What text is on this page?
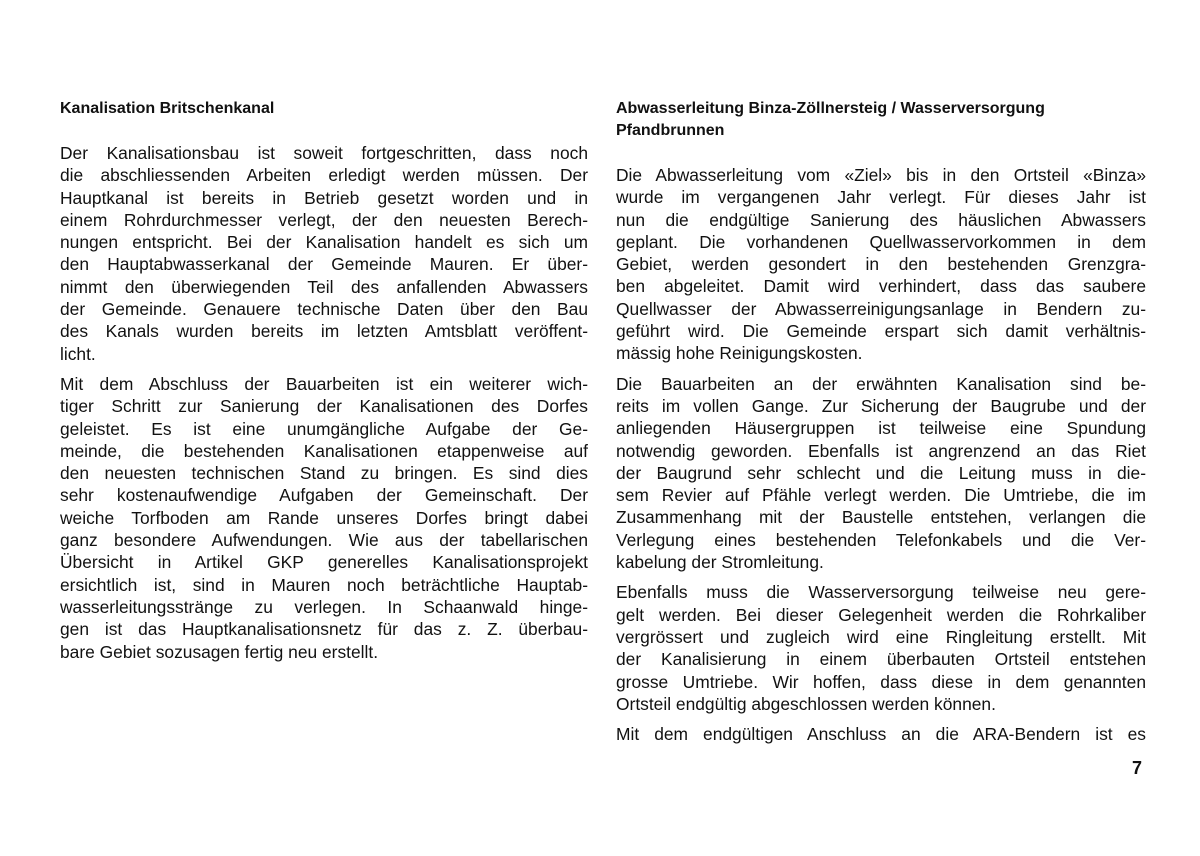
Kanalisation Britschenkanal
Der Kanalisationsbau ist soweit fortgeschritten, dass noch
die abschliessenden Arbeiten erledigt werden müssen. Der
Hauptkanal ist bereits in Betrieb gesetzt worden und in
einem Rohrdurchmesser verlegt, der den neuesten Berech-
nungen entspricht. Bei der Kanalisation handelt es sich um
den Hauptabwasserkanal der Gemeinde Mauren. Er über-
nimmt den überwiegenden Teil des anfallenden Abwassers
der Gemeinde. Genauere technische Daten über den Bau
des Kanals wurden bereits im letzten Amtsblatt veröffent-
licht.
Mit dem Abschluss der Bauarbeiten ist ein weiterer wich-
tiger Schritt zur Sanierung der Kanalisationen des Dorfes
geleistet. Es ist eine unumgängliche Aufgabe der Ge-
meinde, die bestehenden Kanalisationen etappenweise auf
den neuesten technischen Stand zu bringen. Es sind dies
sehr kostenaufwendige Aufgaben der Gemeinschaft. Der
weiche Torfboden am Rande unseres Dorfes bringt dabei
ganz besondere Aufwendungen. Wie aus der tabellarischen
Übersicht in Artikel GKP generelles Kanalisationsprojekt
ersichtlich ist, sind in Mauren noch beträchtliche Hauptab-
wasserleitungsstränge zu verlegen. In Schaanwald hinge-
gen ist das Hauptkanalisationsnetz für das z. Z. überbau-
bare Gebiet sozusagen fertig neu erstellt.
Abwasserleitung Binza-Zöllnersteig / Wasserversorgung
Pfandbrunnen
Die Abwasserleitung vom «Ziel» bis in den Ortsteil «Binza»
wurde im vergangenen Jahr verlegt. Für dieses Jahr ist
nun die endgültige Sanierung des häuslichen Abwassers
geplant. Die vorhandenen Quellwasservorkommen in dem
Gebiet, werden gesondert in den bestehenden Grenzgra-
ben abgeleitet. Damit wird verhindert, dass das saubere
Quellwasser der Abwasserreinigungsanlage in Bendern zu-
geführt wird. Die Gemeinde erspart sich damit verhältnis-
mässig hohe Reinigungskosten.
Die Bauarbeiten an der erwähnten Kanalisation sind be-
reits im vollen Gange. Zur Sicherung der Baugrube und der
anliegenden Häusergruppen ist teilweise eine Spundung
notwendig geworden. Ebenfalls ist angrenzend an das Riet
der Baugrund sehr schlecht und die Leitung muss in die-
sem Revier auf Pfähle verlegt werden. Die Umtriebe, die im
Zusammenhang mit der Baustelle entstehen, verlangen die
Verlegung eines bestehenden Telefonkabels und die Ver-
kabelung der Stromleitung.
Ebenfalls muss die Wasserversorgung teilweise neu gere-
gelt werden. Bei dieser Gelegenheit werden die Rohrkaliber
vergrössert und zugleich wird eine Ringleitung erstellt. Mit
der Kanalisierung in einem überbauten Ortsteil entstehen
grosse Umtriebe. Wir hoffen, dass diese in dem genannten
Ortsteil endgültig abgeschlossen werden können.
Mit dem endgültigen Anschluss an die ARA-Bendern ist es
7
